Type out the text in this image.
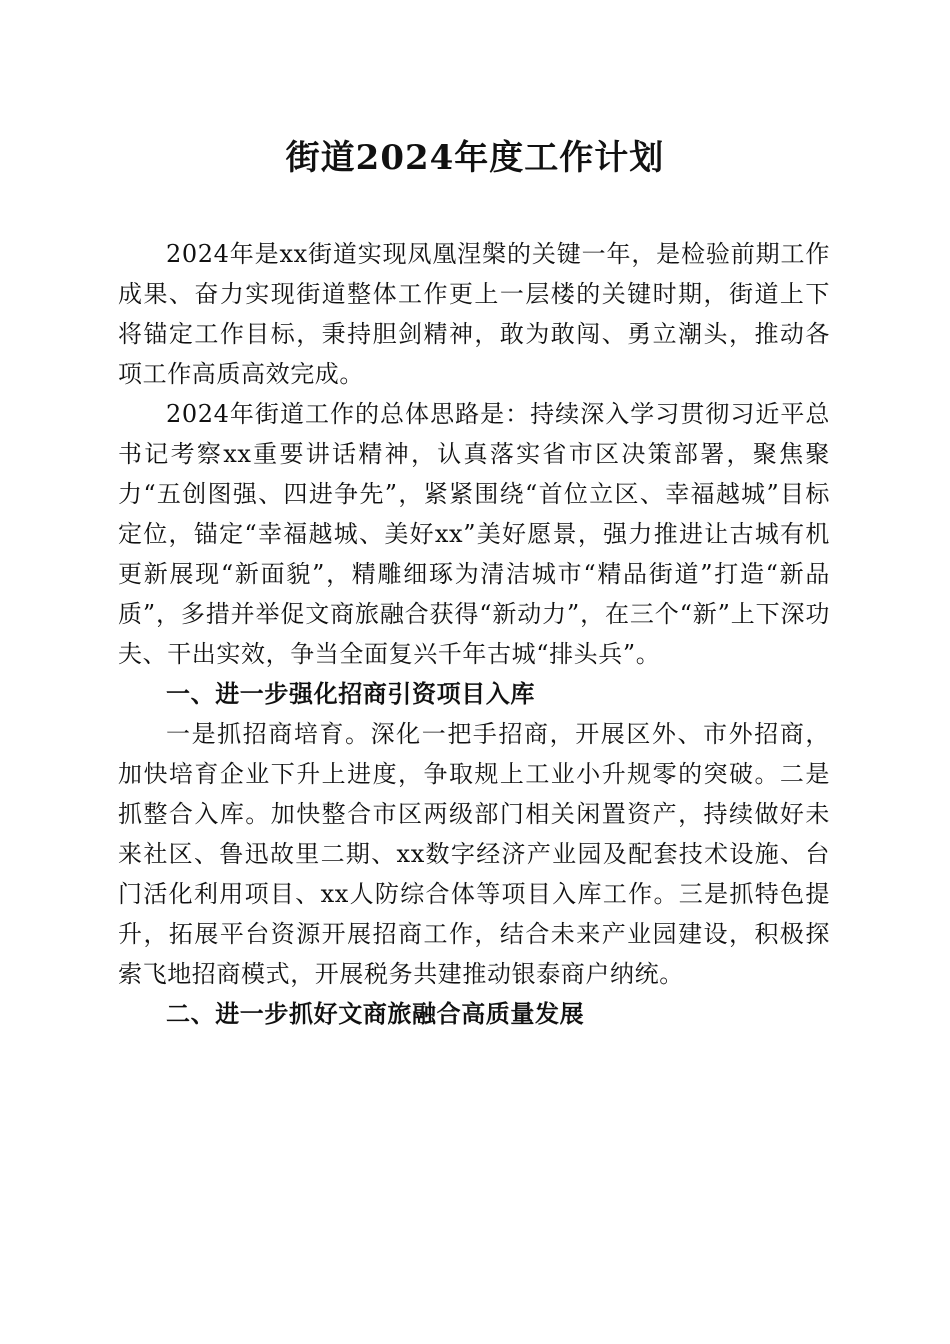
街道2024年度工作计划

2024年是xx街道实现凤凰涅槃的关键一年，是检验前期工作成果、奋力实现街道整体工作更上一层楼的关键时期，街道上下将锚定工作目标，秉持胆剑精神，敢为敢闯、勇立潮头，推动各项工作高质高效完成。

2024年街道工作的总体思路是：持续深入学习贯彻习近平总书记考察xx重要讲话精神，认真落实省市区决策部署，聚焦聚力“五创图强、四进争先”，紧紧围绕“首位立区、幸福越城”目标定位，锚定“幸福越城、美好xx”美好愿景，强力推进让古城有机更新展现“新面貌”，精雕细琢为清洁城市“精品街道”打造“新品质”，多措并举促文商旅融合获得“新动力”，在三个“新”上下深功夫、干出实效，争当全面复兴千年古城“排头兵”。

一、进一步强化招商引资项目入库

一是抓招商培育。深化一把手招商，开展区外、市外招商，加快培育企业下升上进度，争取规上工业小升规零的突破。二是抓整合入库。加快整合市区两级部门相关闲置资产，持续做好未来社区、鲁迅故里二期、xx数字经济产业园及配套技术设施、台门活化利用项目、xx人防综合体等项目入库工作。三是抓特色提升，拓展平台资源开展招商工作，结合未来产业园建设，积极探索飞地招商模式，开展税务共建推动银泰商户纳统。

二、进一步抓好文商旅融合高质量发展
